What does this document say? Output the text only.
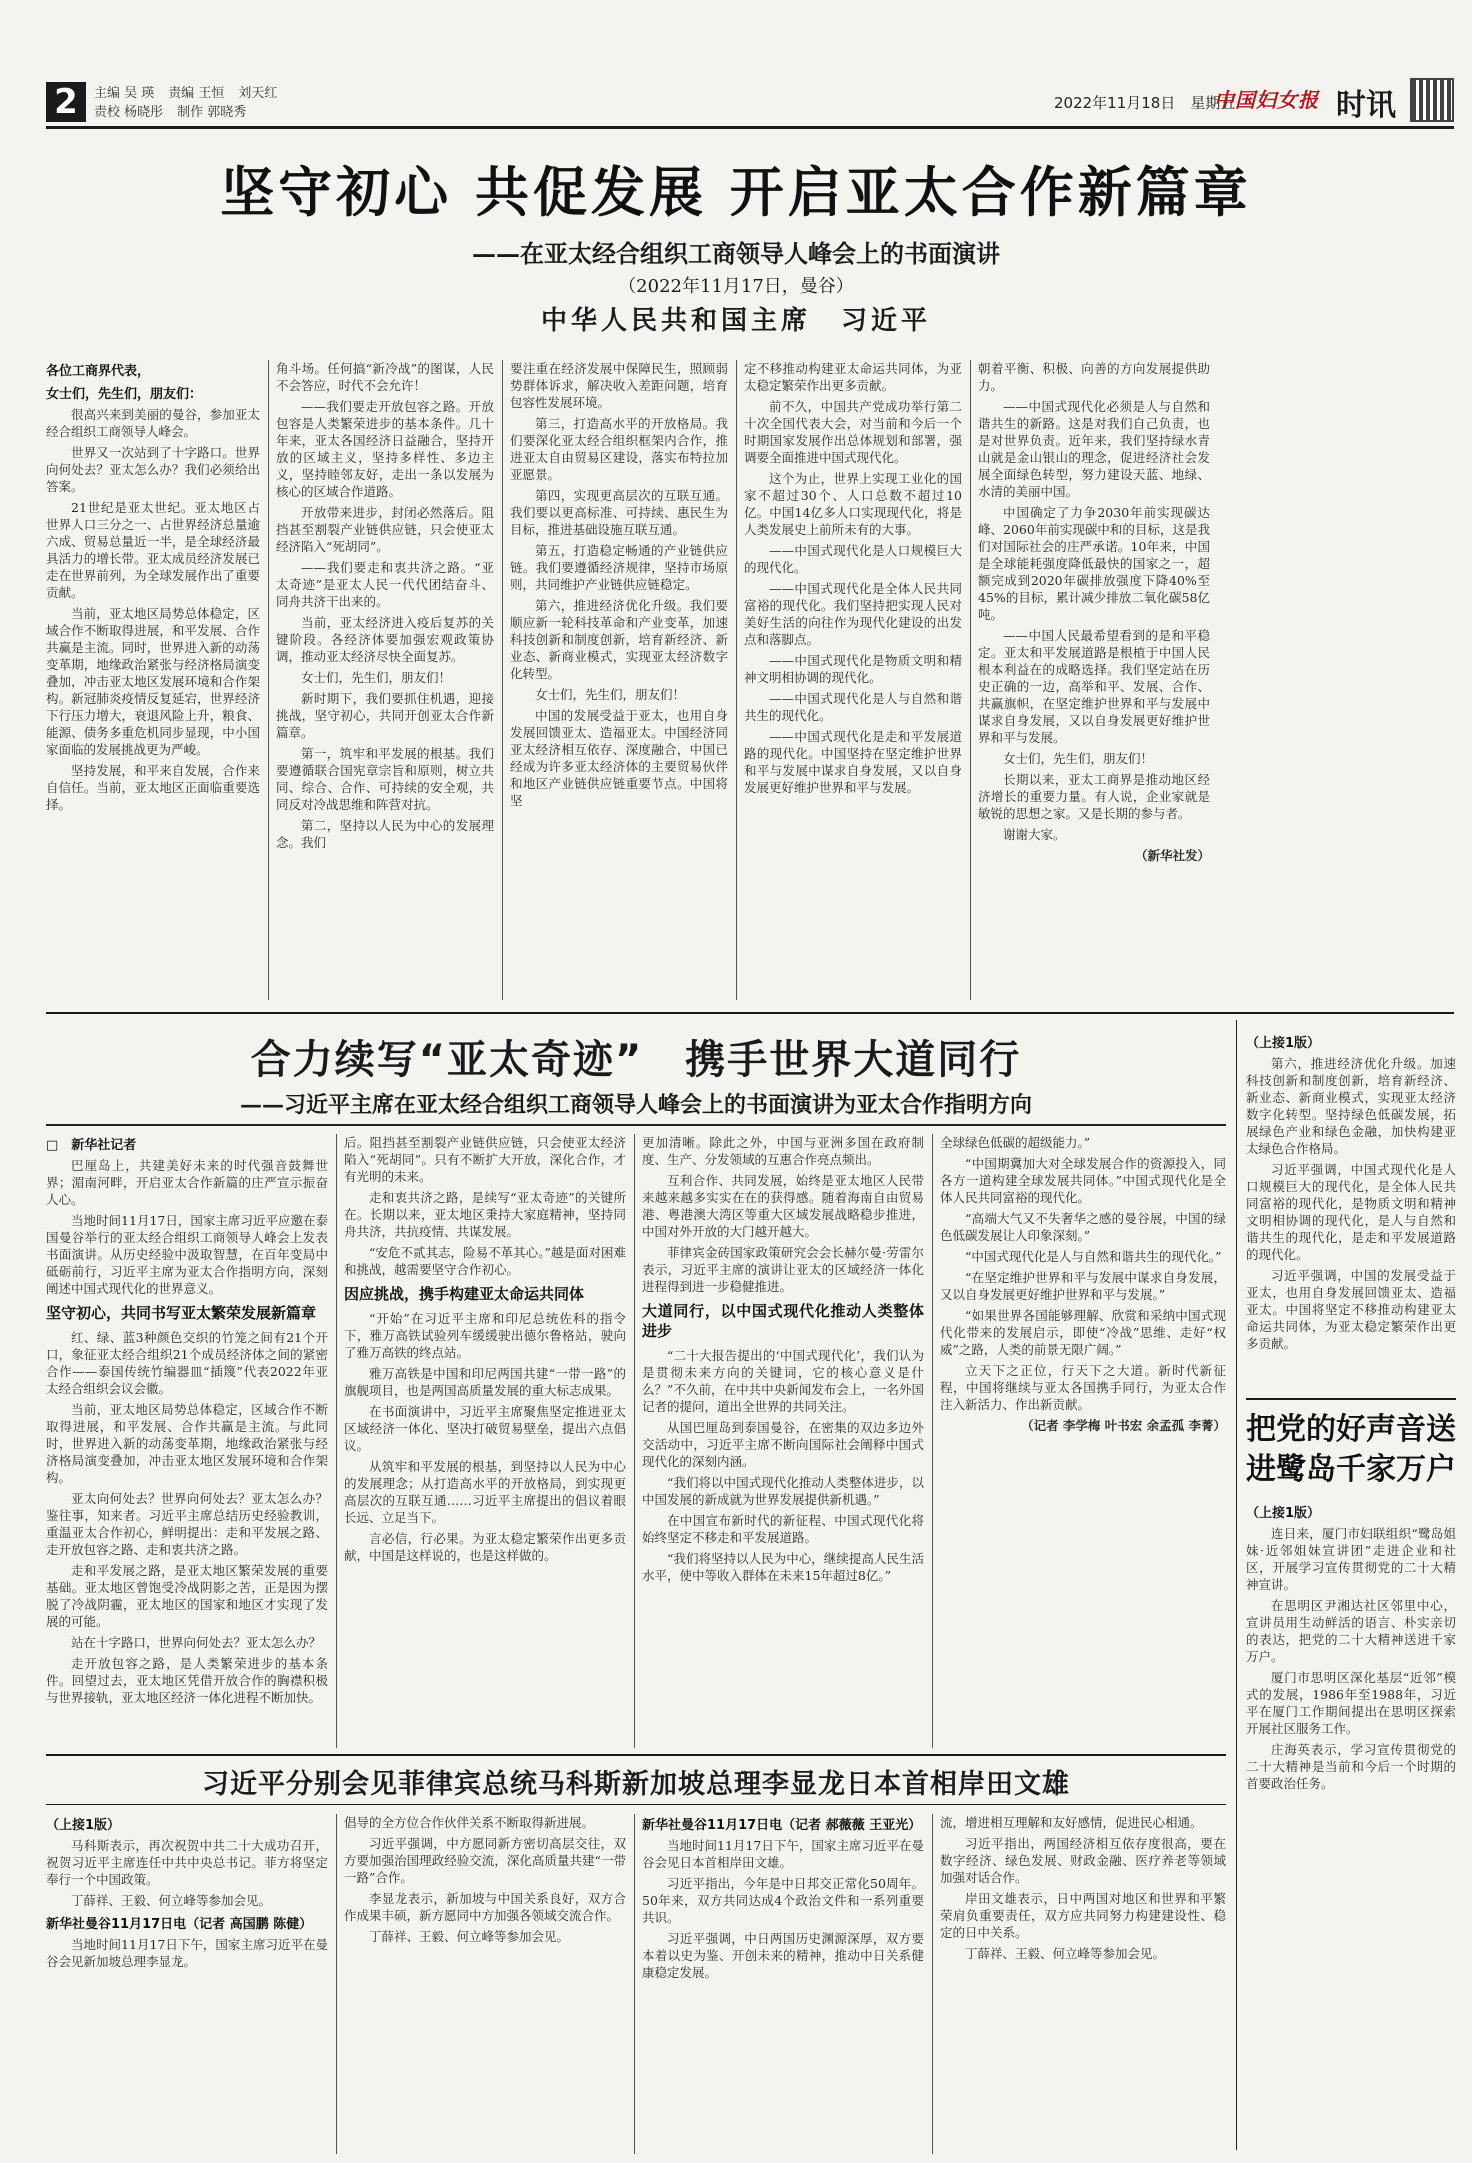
2	主编 吴 瑛 责编 王恒 刘天红
责校 杨晓彤 制作 郭晓秀
2022年11月18日　星期五
中国妇女报 时讯
坚守初心 共促发展 开启亚太合作新篇章
——在亚太经合组织工商领导人峰会上的书面演讲
（2022年11月17日，曼谷）
中华人民共和国主席　习近平

各位工商界代表，

女士们，先生们，朋友们：

很高兴来到美丽的曼谷，参加亚太经合组织工商领导人峰会。

世界又一次站到了十字路口。世界向何处去？亚太怎么办？我们必须给出答案。

21世纪是亚太世纪。亚太地区占世界人口三分之一、占世界经济总量逾六成、贸易总量近一半，是全球经济最具活力的增长带。亚太成员经济发展已走在世界前列，为全球发展作出了重要贡献。

当前，亚太地区局势总体稳定，区域合作不断取得进展，和平发展、合作共赢是主流。同时，世界进入新的动荡变革期，地缘政治紧张与经济格局演变叠加，冲击亚太地区发展环境和合作架构。新冠肺炎疫情反复延宕，世界经济下行压力增大，衰退风险上升，粮食、能源、债务多重危机同步显现，中小国家面临的发展挑战更为严峻。

坚持发展，和平来自发展，合作来自信任。当前，亚太地区正面临重要选择。

角斗场。任何搞“新冷战”的图谋，人民不会答应，时代不会允许！

——我们要走开放包容之路。开放包容是人类繁荣进步的基本条件。几十年来，亚太各国经济日益融合，坚持开放的区域主义，坚持多样性、多边主义，坚持睦邻友好，走出一条以发展为核心的区域合作道路。

开放带来进步，封闭必然落后。阻挡甚至割裂产业链供应链，只会使亚太经济陷入“死胡同”。

——我们要走和衷共济之路。“亚太奇迹”是亚太人民一代代团结奋斗、同舟共济干出来的。

当前，亚太经济进入疫后复苏的关键阶段。各经济体要加强宏观政策协调，推动亚太经济尽快全面复苏。

女士们，先生们，朋友们！

新时期下，我们要抓住机遇，迎接挑战，坚守初心，共同开创亚太合作新篇章。

第一，筑牢和平发展的根基。我们要遵循联合国宪章宗旨和原则，树立共同、综合、合作、可持续的安全观，共同反对冷战思维和阵营对抗。

第二，坚持以人民为中心的发展理念。我们

要注重在经济发展中保障民生，照顾弱势群体诉求，解决收入差距问题，培育包容性发展环境。

第三，打造高水平的开放格局。我们要深化亚太经合组织框架内合作，推进亚太自由贸易区建设，落实布特拉加亚愿景。

第四，实现更高层次的互联互通。我们要以更高标准、可持续、惠民生为目标，推进基础设施互联互通。

第五，打造稳定畅通的产业链供应链。我们要遵循经济规律，坚持市场原则，共同维护产业链供应链稳定。

第六，推进经济优化升级。我们要顺应新一轮科技革命和产业变革，加速科技创新和制度创新，培育新经济、新业态、新商业模式，实现亚太经济数字化转型。

女士们，先生们，朋友们！

中国的发展受益于亚太，也用自身发展回馈亚太、造福亚太。中国经济同亚太经济相互依存、深度融合，中国已经成为许多亚太经济体的主要贸易伙伴和地区产业链供应链重要节点。中国将坚

定不移推动构建亚太命运共同体，为亚太稳定繁荣作出更多贡献。

前不久，中国共产党成功举行第二十次全国代表大会，对当前和今后一个时期国家发展作出总体规划和部署，强调要全面推进中国式现代化。

这个为止，世界上实现工业化的国家不超过30个、人口总数不超过10亿。中国14亿多人口实现现代化，将是人类发展史上前所未有的大事。

——中国式现代化是人口规模巨大的现代化。

——中国式现代化是全体人民共同富裕的现代化。我们坚持把实现人民对美好生活的向往作为现代化建设的出发点和落脚点。

——中国式现代化是物质文明和精神文明相协调的现代化。

——中国式现代化是人与自然和谐共生的现代化。

——中国式现代化是走和平发展道路的现代化。中国坚持在坚定维护世界和平与发展中谋求自身发展，又以自身发展更好维护世界和平与发展。

朝着平衡、积极、向善的方向发展提供助力。

——中国式现代化必须是人与自然和谐共生的新路。这是对我们自己负责，也是对世界负责。近年来，我们坚持绿水青山就是金山银山的理念，促进经济社会发展全面绿色转型，努力建设天蓝、地绿、水清的美丽中国。

中国确定了力争2030年前实现碳达峰、2060年前实现碳中和的目标，这是我们对国际社会的庄严承诺。10年来，中国是全球能耗强度降低最快的国家之一，超额完成到2020年碳排放强度下降40%至45%的目标，累计减少排放二氧化碳58亿吨。

——中国人民最希望看到的是和平稳定。亚太和平发展道路是根植于中国人民根本利益在的成略选择。我们坚定站在历史正确的一边，高举和平、发展、合作、共赢旗帜，在坚定维护世界和平与发展中谋求自身发展，又以自身发展更好维护世界和平与发展。

女士们，先生们，朋友们！

长期以来，亚太工商界是推动地区经济增长的重要力量。有人说，企业家就是敏锐的思想之家。又是长期的参与者。

谢谢大家。

（新华社发）

合力续写“亚太奇迹”　携手世界大道同行
——习近平主席在亚太经合组织工商领导人峰会上的书面演讲为亚太合作指明方向

□　新华社记者

巴厘岛上，共建美好未来的时代强音鼓舞世界；湄南河畔，开启亚太合作新篇的庄严宣示振奋人心。

当地时间11月17日，国家主席习近平应邀在泰国曼谷举行的亚太经合组织工商领导人峰会上发表书面演讲。从历史经验中汲取智慧，在百年变局中砥砺前行，习近平主席为亚太合作指明方向，深刻阐述中国式现代化的世界意义。

坚守初心，共同书写亚太繁荣发展新篇章

红、绿、蓝3种颜色交织的竹笼之间有21个开口，象征亚太经合组织21个成员经济体之间的紧密合作——泰国传统竹编器皿“插篾”代表2022年亚太经合组织会议会徽。

当前，亚太地区局势总体稳定，区域合作不断取得进展，和平发展、合作共赢是主流。与此同时，世界进入新的动荡变革期，地缘政治紧张与经济格局演变叠加，冲击亚太地区发展环境和合作架构。

亚太向何处去？世界向何处去？亚太怎么办？鉴往事，知来者。习近平主席总结历史经验教训，重温亚太合作初心，鲜明提出：走和平发展之路、走开放包容之路、走和衷共济之路。

走和平发展之路，是亚太地区繁荣发展的重要基础。亚太地区曾饱受冷战阴影之苦，正是因为摆脱了冷战阴霾，亚太地区的国家和地区才实现了发展的可能。

站在十字路口，世界向何处去？亚太怎么办？

走开放包容之路，是人类繁荣进步的基本条件。回望过去，亚太地区凭借开放合作的胸襟积极与世界接轨，亚太地区经济一体化进程不断加快。

后。阻挡甚至割裂产业链供应链，只会使亚太经济陷入“死胡同”。只有不断扩大开放，深化合作，才有光明的未来。

走和衷共济之路，是续写“亚太奇迹”的关键所在。长期以来，亚太地区秉持大家庭精神，坚持同舟共济，共抗疫情、共谋发展。

“安危不贰其志，险易不革其心。”越是面对困难和挑战，越需要坚守合作初心。

因应挑战，携手构建亚太命运共同体

“开始”在习近平主席和印尼总统佐科的指令下，雅万高铁试验列车缓缓驶出德尔鲁格站，驶向了雅万高铁的终点站。

雅万高铁是中国和印尼两国共建“一带一路”的旗舰项目，也是两国高质量发展的重大标志成果。

在书面演讲中，习近平主席聚焦坚定推进亚太区域经济一体化、坚决打破贸易壁垒，提出六点倡议。

从筑牢和平发展的根基，到坚持以人民为中心的发展理念；从打造高水平的开放格局，到实现更高层次的互联互通……习近平主席提出的倡议着眼长远、立足当下。

言必信，行必果。为亚太稳定繁荣作出更多贡献，中国是这样说的，也是这样做的。

更加清晰。除此之外，中国与亚洲多国在政府制度、生产、分发领域的互惠合作亮点频出。

互利合作、共同发展，始终是亚太地区人民带来越来越多实实在在的获得感。随着海南自由贸易港、粤港澳大湾区等重大区域发展战略稳步推进，中国对外开放的大门越开越大。

菲律宾金砖国家政策研究会会长赫尔曼·劳雷尔表示，习近平主席的演讲让亚太的区域经济一体化进程得到进一步稳健推进。

大道同行，以中国式现代化推动人类整体进步

“二十大报告提出的‘中国式现代化’，我们认为是贯彻未来方向的关键词，它的核心意义是什么？”不久前，在中共中央新闻发布会上，一名外国记者的提问，道出全世界的共同关注。

从国巴厘岛到泰国曼谷，在密集的双边多边外交活动中，习近平主席不断向国际社会阐释中国式现代化的深刻内涵。

“我们将以中国式现代化推动人类整体进步，以中国发展的新成就为世界发展提供新机遇。”

在中国宣布新时代的新征程、中国式现代化将始终坚定不移走和平发展道路。

“我们将坚持以人民为中心，继续提高人民生活水平，使中等收入群体在未来15年超过8亿。”

全球绿色低碳的超级能力。”

“中国期冀加大对全球发展合作的资源投入，同各方一道构建全球发展共同体。”中国式现代化是全体人民共同富裕的现代化。

“高端大气又不失奢华之感的曼谷展，中国的绿色低碳发展让人印象深刻。”

“中国式现代化是人与自然和谐共生的现代化。”

“在坚定维护世界和平与发展中谋求自身发展，又以自身发展更好维护世界和平与发展。”

“如果世界各国能够理解、欣赏和采纳中国式现代化带来的发展启示，即使“冷战”思维、走好“权威”之路，人类的前景无限广阔。”

立天下之正位，行天下之大道。新时代新征程，中国将继续与亚太各国携手同行，为亚太合作注入新活力、作出新贡献。

（记者 李学梅 叶书宏 余孟孤 李菁）

（上接1版）

第六，推进经济优化升级。加速科技创新和制度创新，培育新经济、新业态、新商业模式，实现亚太经济数字化转型。坚持绿色低碳发展，拓展绿色产业和绿色金融，加快构建亚太绿色合作格局。

习近平强调，中国式现代化是人口规模巨大的现代化，是全体人民共同富裕的现代化，是物质文明和精神文明相协调的现代化，是人与自然和谐共生的现代化，是走和平发展道路的现代化。

习近平强调，中国的发展受益于亚太，也用自身发展回馈亚太、造福亚太。中国将坚定不移推动构建亚太命运共同体，为亚太稳定繁荣作出更多贡献。

把党的好声音送进鹭岛千家万户

（上接1版）

连日来，厦门市妇联组织“鹭岛姐妹·近邻姐妹宣讲团”走进企业和社区，开展学习宣传贯彻党的二十大精神宣讲。

在思明区尹湘达社区邻里中心，宣讲员用生动鲜活的语言、朴实亲切的表达，把党的二十大精神送进千家万户。

厦门市思明区深化基层“近邻”模式的发展，1986年至1988年，习近平在厦门工作期间提出在思明区探索开展社区服务工作。

庄海英表示，学习宣传贯彻党的二十大精神是当前和今后一个时期的首要政治任务。

习近平分别会见菲律宾总统马科斯新加坡总理李显龙日本首相岸田文雄

（上接1版）

马科斯表示，再次祝贺中共二十大成功召开，祝贺习近平主席连任中共中央总书记。菲方将坚定奉行一个中国政策。

丁薛祥、王毅、何立峰等参加会见。

新华社曼谷11月17日电（记者 高国鹏 陈健）

当地时间11月17日下午，国家主席习近平在曼谷会见新加坡总理李显龙。

倡导的全方位合作伙伴关系不断取得新进展。

习近平强调，中方愿同新方密切高层交往，双方要加强治国理政经验交流，深化高质量共建“一带一路”合作。

李显龙表示，新加坡与中国关系良好，双方合作成果丰硕，新方愿同中方加强各领域交流合作。

丁薛祥、王毅、何立峰等参加会见。

新华社曼谷11月17日电（记者 郝薇薇 王亚光）

当地时间11月17日下午，国家主席习近平在曼谷会见日本首相岸田文雄。

习近平指出，今年是中日邦交正常化50周年。50年来，双方共同达成4个政治文件和一系列重要共识。

习近平强调，中日两国历史渊源深厚，双方要本着以史为鉴、开创未来的精神，推动中日关系健康稳定发展。

流，增进相互理解和友好感情，促进民心相通。

习近平指出，两国经济相互依存度很高，要在数字经济、绿色发展、财政金融、医疗养老等领域加强对话合作。

岸田文雄表示，日中两国对地区和世界和平繁荣肩负重要责任，双方应共同努力构建建设性、稳定的日中关系。

丁薛祥、王毅、何立峰等参加会见。
